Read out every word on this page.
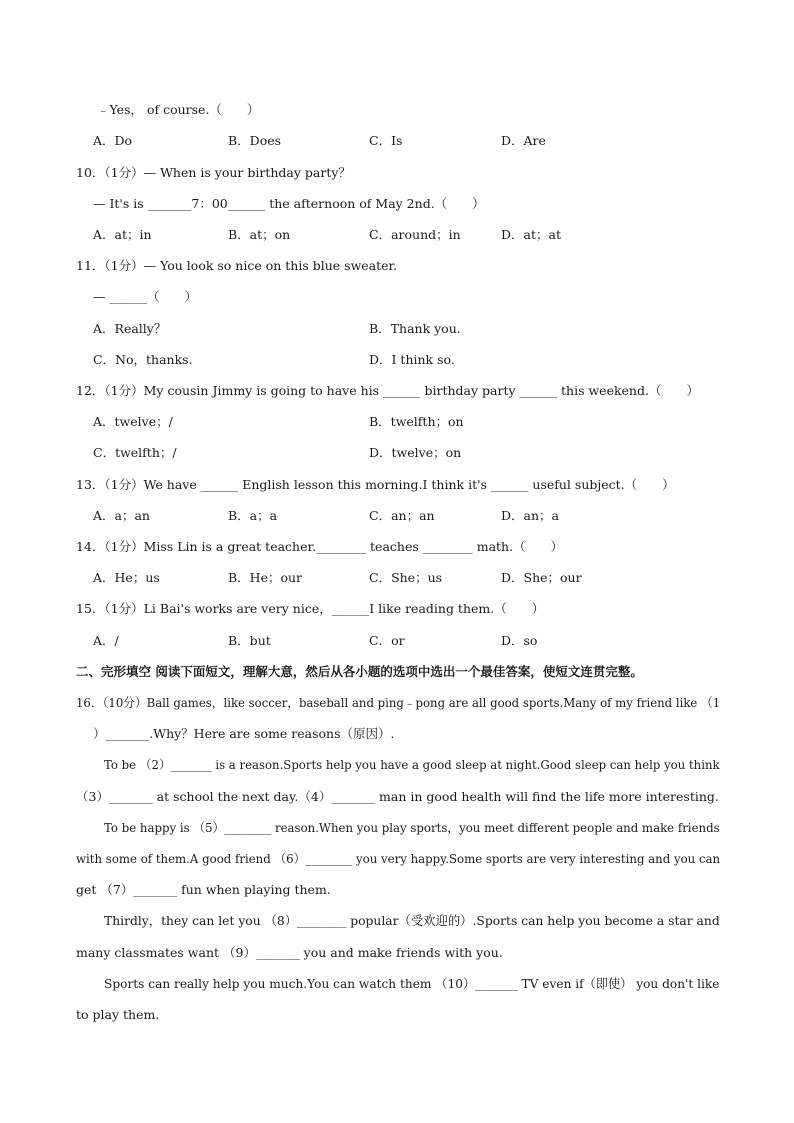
﹣Yes， of course.（　　）
A．Do	B．Does	C．Is	D．Are
10．（1分）— When is your birthday party？
— It's is _______7：00______ the afternoon of May 2nd.（　　）
A．at；in	B．at；on	C．around；in	D．at；at
11．（1分）— You look so nice on this blue sweater.
— ______（　　）
A．Really？	B．Thank you.
C．No，thanks.	D．I think so.
12．（1分）My cousin Jimmy is going to have his ______ birthday party ______ this weekend.（　　）
A．twelve；/	B．twelfth；on
C．twelfth；/	D．twelve；on
13．（1分）We have ______ English lesson this morning.I think it's ______ useful subject.（　　）
A．a；an	B．a；a	C．an；an	D．an；a
14．（1分）Miss Lin is a great teacher.________ teaches ________ math.（　　）
A．He；us	B．He；our	C．She；us	D．She；our
15．（1分）Li Bai's works are very nice，______I like reading them.（　　）
A．/	B．but	C．or	D．so
二、完形填空 阅读下面短文，理解大意，然后从各小题的选项中选出一个最佳答案，使短文连贯完整。
16．（10分）Ball games，like soccer，baseball and ping﹣pong are all good sports.Many of my friend like （1
）_______.Why？Here are some reasons（原因）.
To be （2）_______ is a reason.Sports help you have a good sleep at night.Good sleep can help you think
（3）_______ at school the next day.（4）_______ man in good health will find the life more interesting.
To be happy is （5）________ reason.When you play sports，you meet different people and make friends
with some of them.A good friend （6）________ you very happy.Some sports are very interesting and you can
get （7）_______ fun when playing them.
Thirdly，they can let you （8）________ popular（受欢迎的）.Sports can help you become a star and
many classmates want （9）_______ you and make friends with you.
Sports can really help you much.You can watch them （10）_______ TV even if（即使） you don't like
to play them.
